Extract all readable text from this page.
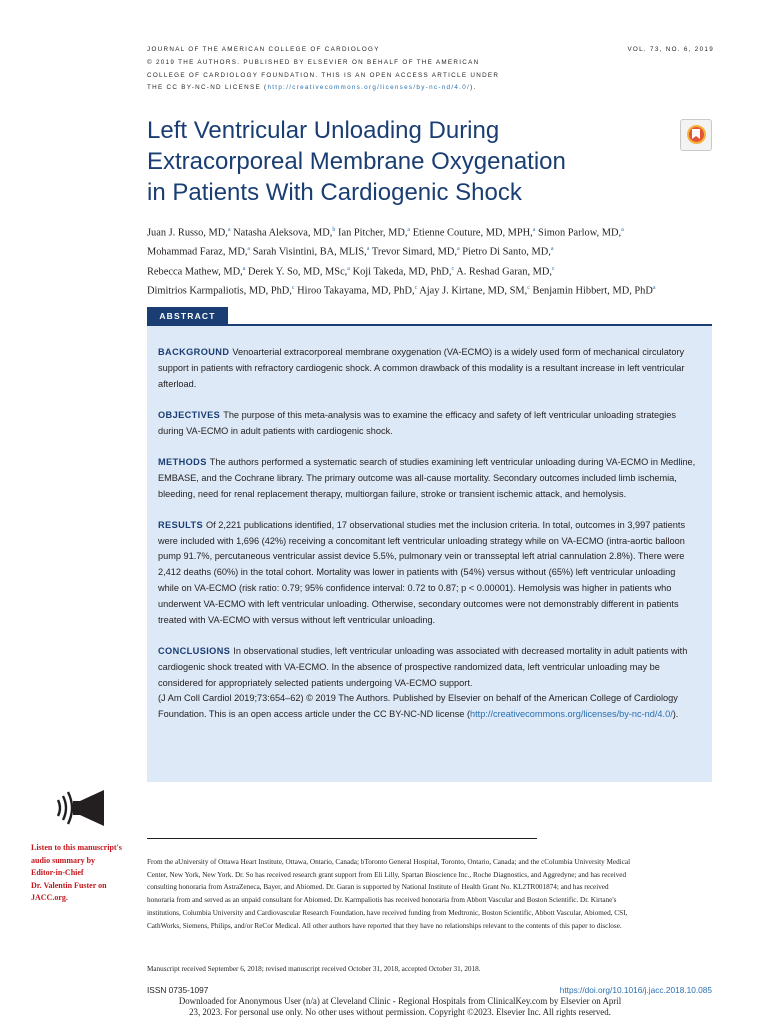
JOURNAL OF THE AMERICAN COLLEGE OF CARDIOLOGY	VOL. 73, NO. 6, 2019
© 2019 THE AUTHORS. PUBLISHED BY ELSEVIER ON BEHALF OF THE AMERICAN
COLLEGE OF CARDIOLOGY FOUNDATION. THIS IS AN OPEN ACCESS ARTICLE UNDER
THE CC BY-NC-ND LICENSE (http://creativecommons.org/licenses/by-nc-nd/4.0/).
Left Ventricular Unloading During
Extracorporeal Membrane Oxygenation
in Patients With Cardiogenic Shock
Juan J. Russo, MD,$^a$ Natasha Aleksova, MD,$^b$ Ian Pitcher, MD,$^a$ Etienne Couture, MD, MPH,$^a$ Simon Parlow, MD,$^a$
Mohammad Faraz, MD,$^a$ Sarah Visintini, BA, MLIS,$^a$ Trevor Simard, MD,$^a$ Pietro Di Santo, MD,$^a$
Rebecca Mathew, MD,$^a$ Derek Y. So, MD, MSc,$^a$ Koji Takeda, MD, PhD,$^c$ A. Reshad Garan, MD,$^c$
Dimitrios Karmpaliotis, MD, PhD,$^c$ Hiroo Takayama, MD, PhD,$^c$ Ajay J. Kirtane, MD, SM,$^c$ Benjamin Hibbert, MD, PhD$^a$
ABSTRACT

BACKGROUND Venoarterial extracorporeal membrane oxygenation (VA-ECMO) is a widely used form of mechanical circulatory support in patients with refractory cardiogenic shock. A common drawback of this modality is a resultant increase in left ventricular afterload.

OBJECTIVES The purpose of this meta-analysis was to examine the efficacy and safety of left ventricular unloading strategies during VA-ECMO in adult patients with cardiogenic shock.

METHODS The authors performed a systematic search of studies examining left ventricular unloading during VA-ECMO in Medline, EMBASE, and the Cochrane library. The primary outcome was all-cause mortality. Secondary outcomes included limb ischemia, bleeding, need for renal replacement therapy, multiorgan failure, stroke or transient ischemic attack, and hemolysis.

RESULTS Of 2,221 publications identified, 17 observational studies met the inclusion criteria. In total, outcomes in 3,997 patients were included with 1,696 (42%) receiving a concomitant left ventricular unloading strategy while on VA-ECMO (intra-aortic balloon pump 91.7%, percutaneous ventricular assist device 5.5%, pulmonary vein or transseptal left atrial cannulation 2.8%). There were 2,412 deaths (60%) in the total cohort. Mortality was lower in patients with (54%) versus without (65%) left ventricular unloading while on VA-ECMO (risk ratio: 0.79; 95% confidence interval: 0.72 to 0.87; p < 0.00001). Hemolysis was higher in patients who underwent VA-ECMO with left ventricular unloading. Otherwise, secondary outcomes were not demonstrably different in patients treated with VA-ECMO with versus without left ventricular unloading.

CONCLUSIONS In observational studies, left ventricular unloading was associated with decreased mortality in adult patients with cardiogenic shock treated with VA-ECMO. In the absence of prospective randomized data, left ventricular unloading may be considered for appropriately selected patients undergoing VA-ECMO support.

(J Am Coll Cardiol 2019;73:654–62) © 2019 The Authors. Published by Elsevier on behalf of the American College of Cardiology Foundation. This is an open access article under the CC BY-NC-ND license (http://creativecommons.org/licenses/by-nc-nd/4.0/).

Listen to this manuscript's
audio summary by
Editor-in-Chief
Dr. Valentin Fuster on
JACC.org.
From the aUniversity of Ottawa Heart Institute, Ottawa, Ontario, Canada; bToronto General Hospital, Toronto, Ontario, Canada; and the cColumbia University Medical Center, New York, New York. Dr. So has received research grant support from Eli Lilly, Spartan Bioscience Inc., Roche Diagnostics, and Aggredyne; and has received consulting honoraria from AstraZeneca, Bayer, and Abiomed. Dr. Garan is supported by National Institute of Health Grant No. KL2TR001874; and has received honoraria from and served as an unpaid consultant for Abiomed. Dr. Karmpaliotis has received honoraria from Abbott Vascular and Boston Scientific. Dr. Kirtane's institutions, Columbia University and Cardiovascular Research Foundation, have received funding from Medtronic, Boston Scientific, Abbott Vascular, Abiomed, CSI, CathWorks, Siemens, Philips, and/or ReCor Medical. All other authors have reported that they have no relationships relevant to the contents of this paper to disclose.
Manuscript received September 6, 2018; revised manuscript received October 31, 2018, accepted October 31, 2018.
ISSN 0735-1097	https://doi.org/10.1016/j.jacc.2018.10.085
Downloaded for Anonymous User (n/a) at Cleveland Clinic - Regional Hospitals from ClinicalKey.com by Elsevier on April
23, 2023. For personal use only. No other uses without permission. Copyright ©2023. Elsevier Inc. All rights reserved.
